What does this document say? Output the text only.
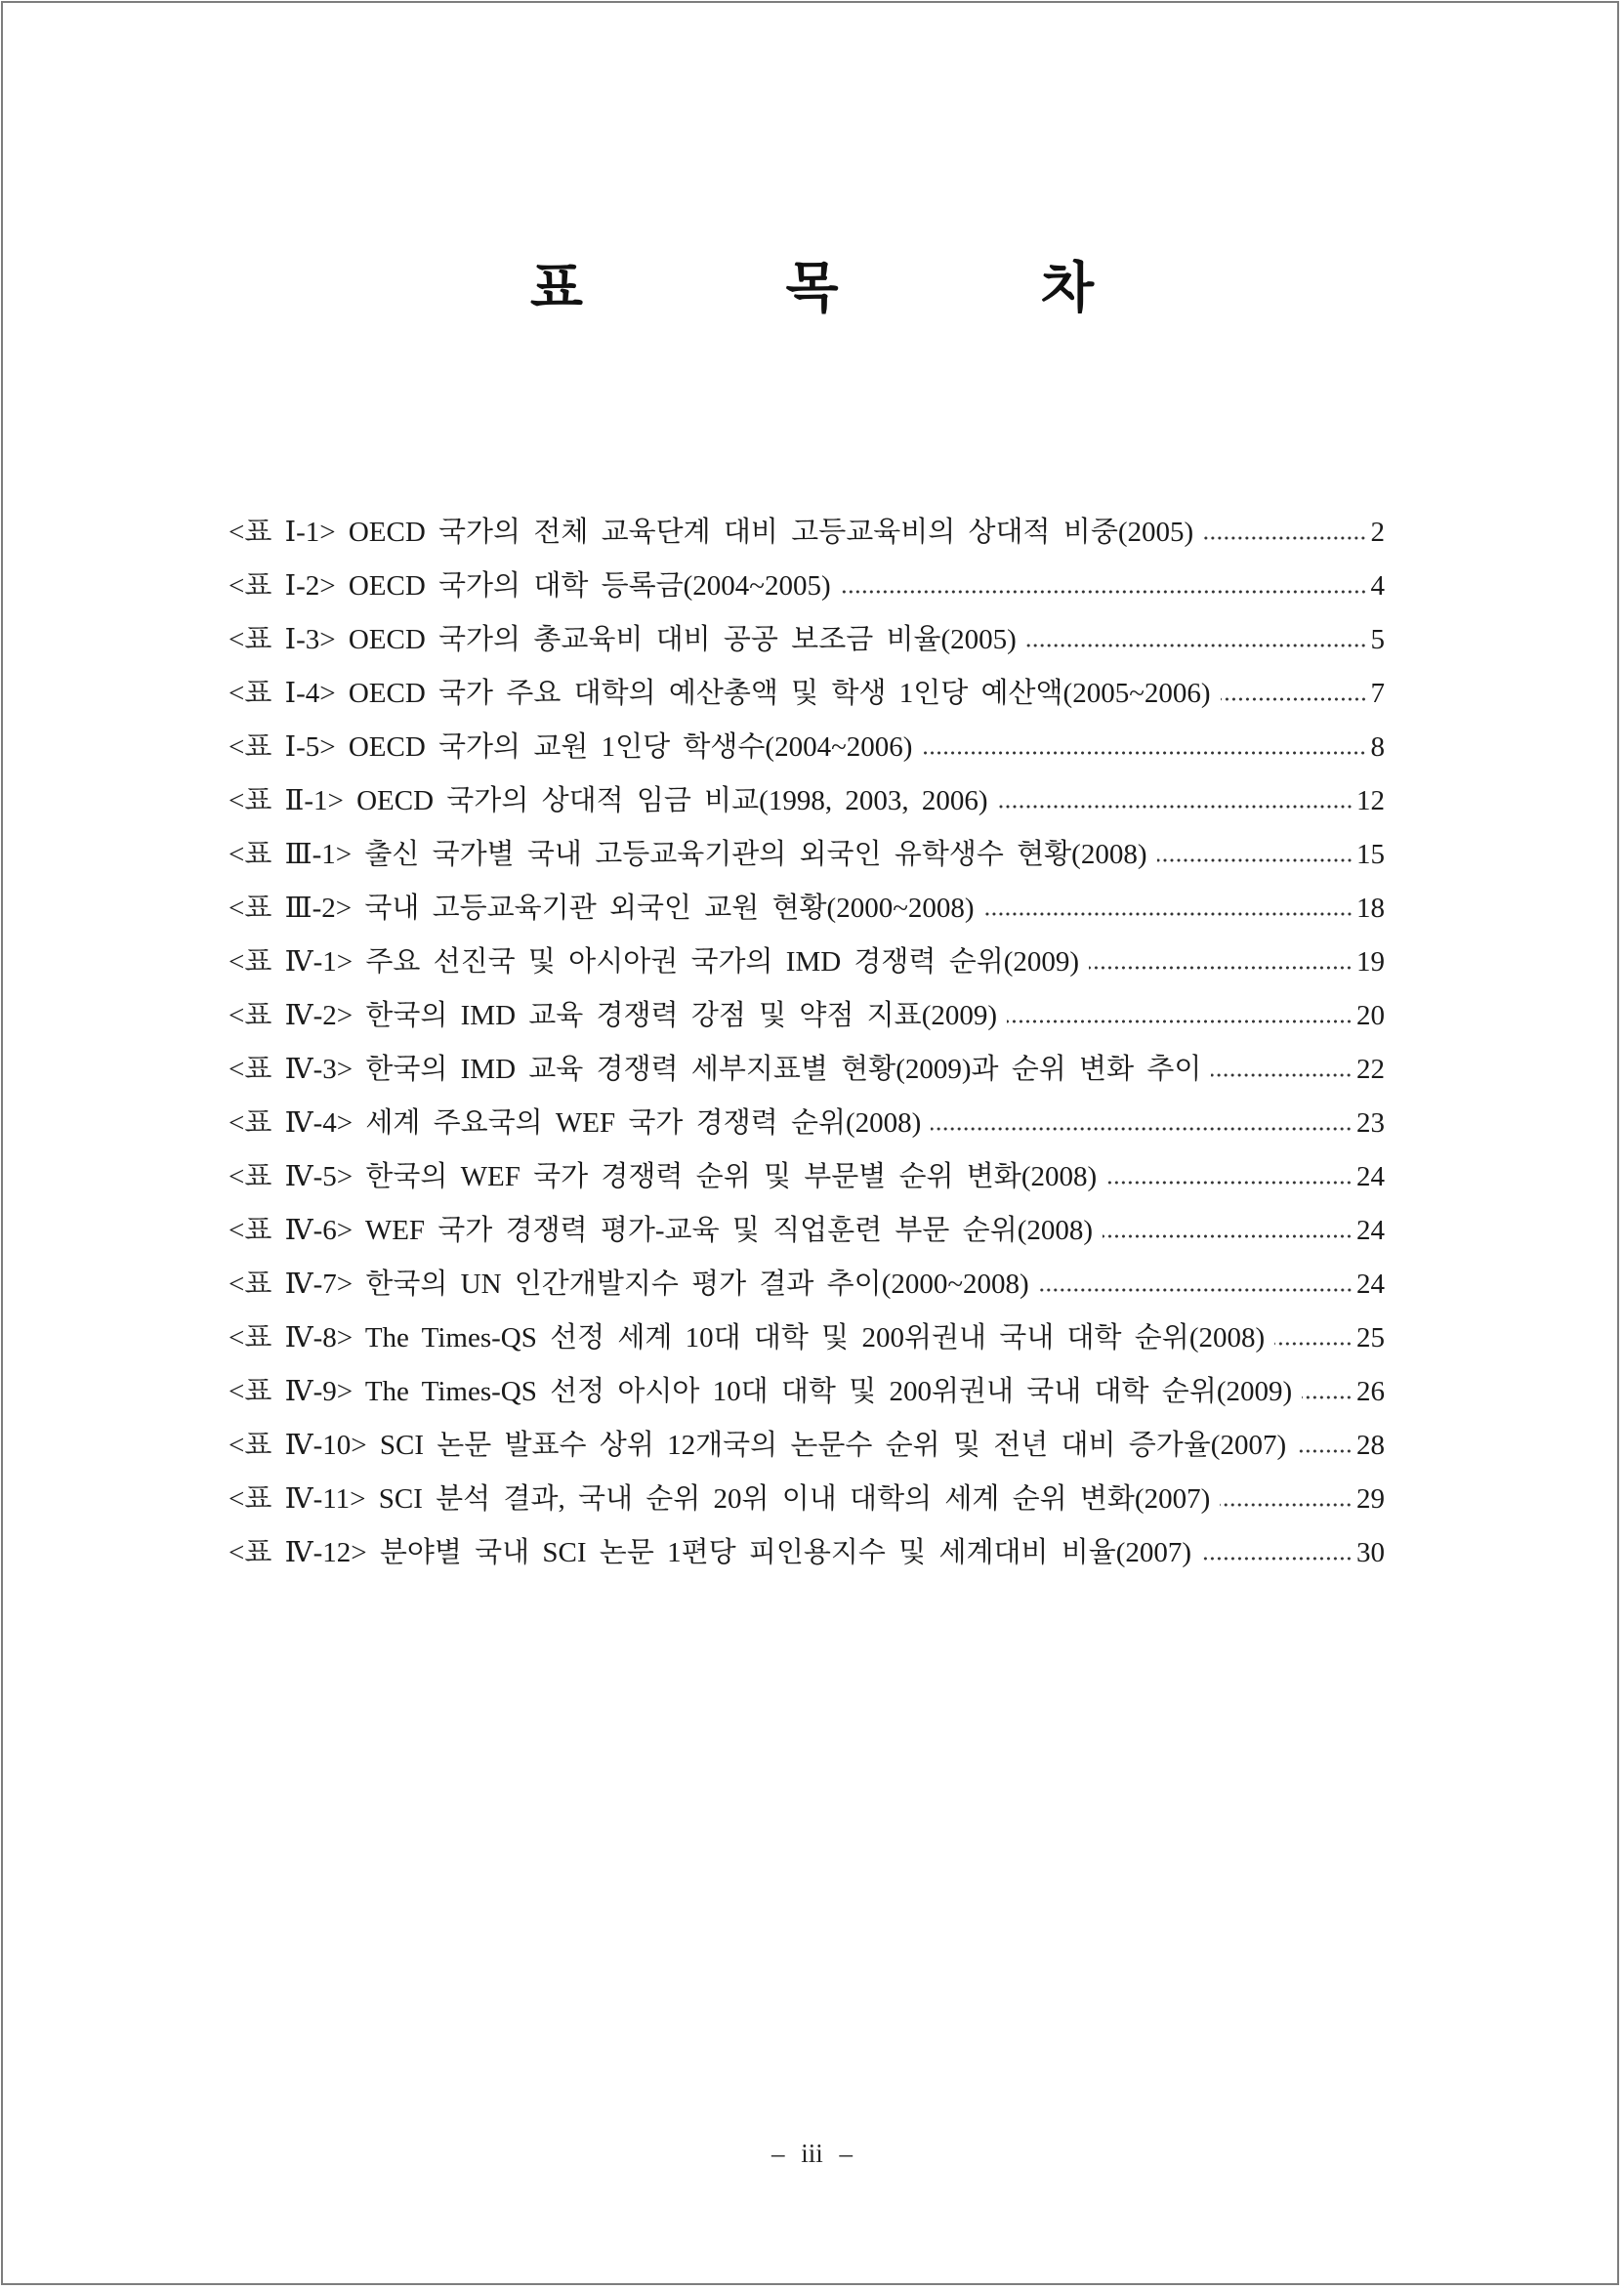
표 목 차
<표 Ⅰ-1> OECD 국가의 전체 교육단계 대비 고등교육비의 상대적 비중(2005)	2
<표 Ⅰ-2> OECD 국가의 대학 등록금(2004~2005)	4
<표 Ⅰ-3> OECD 국가의 총교육비 대비 공공 보조금 비율(2005)	5
<표 Ⅰ-4> OECD 국가 주요 대학의 예산총액 및 학생 1인당 예산액(2005~2006)	7
<표 Ⅰ-5> OECD 국가의 교원 1인당 학생수(2004~2006)	8
<표 Ⅱ-1> OECD 국가의 상대적 임금 비교(1998, 2003, 2006)	12
<표 Ⅲ-1> 출신 국가별 국내 고등교육기관의 외국인 유학생수 현황(2008)	15
<표 Ⅲ-2> 국내 고등교육기관 외국인 교원 현황(2000~2008)	18
<표 Ⅳ-1> 주요 선진국 및 아시아권 국가의 IMD 경쟁력 순위(2009)	19
<표 Ⅳ-2> 한국의 IMD 교육 경쟁력 강점 및 약점 지표(2009)	20
<표 Ⅳ-3> 한국의 IMD 교육 경쟁력 세부지표별 현황(2009)과 순위 변화 추이	22
<표 Ⅳ-4> 세계 주요국의 WEF 국가 경쟁력 순위(2008)	23
<표 Ⅳ-5> 한국의 WEF 국가 경쟁력 순위 및 부문별 순위 변화(2008)	24
<표 Ⅳ-6> WEF 국가 경쟁력 평가-교육 및 직업훈련 부문 순위(2008)	24
<표 Ⅳ-7> 한국의 UN 인간개발지수 평가 결과 추이(2000~2008)	24
<표 Ⅳ-8> The Times-QS 선정 세계 10대 대학 및 200위권내 국내 대학 순위(2008)	25
<표 Ⅳ-9> The Times-QS 선정 아시아 10대 대학 및 200위권내 국내 대학 순위(2009) 26
<표 Ⅳ-10> SCI 논문 발표수 상위 12개국의 논문수 순위 및 전년 대비 증가율(2007) 28
<표 Ⅳ-11> SCI 분석 결과, 국내 순위 20위 이내 대학의 세계 순위 변화(2007)	29
<표 Ⅳ-12> 분야별 국내 SCI 논문 1편당 피인용지수 및 세계대비 비율(2007)	30
– iii –
